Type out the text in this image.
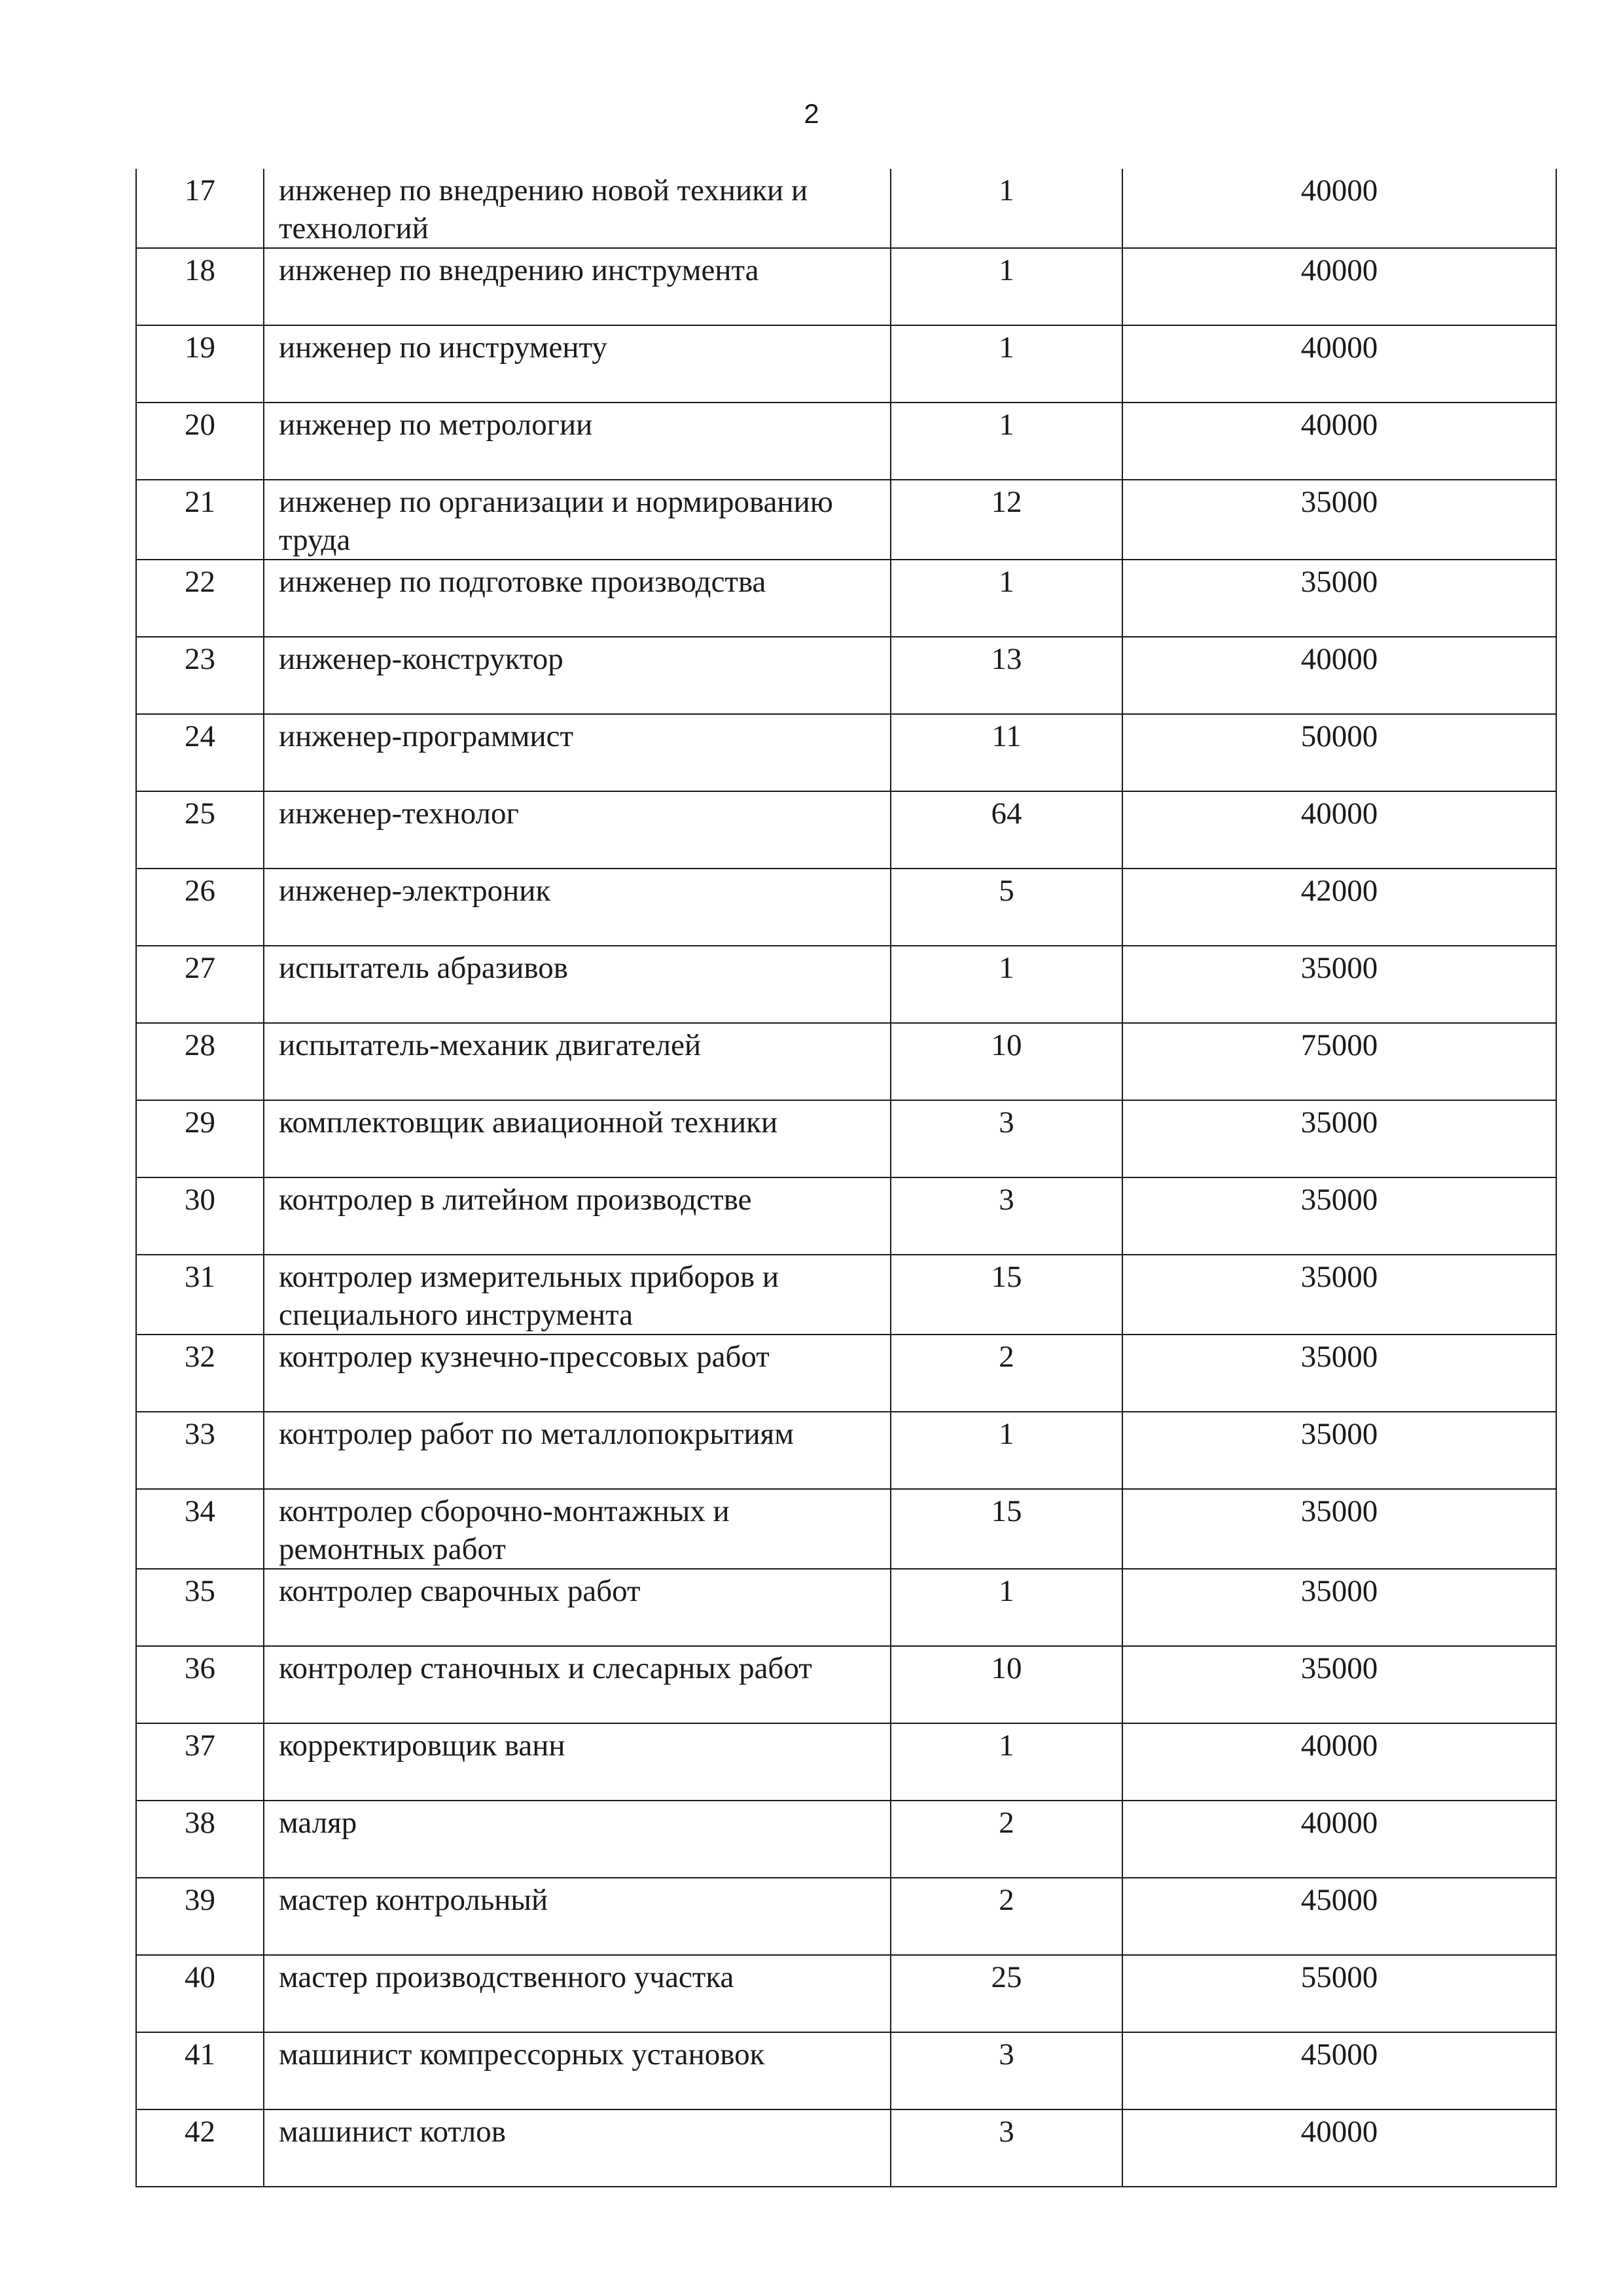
2
17	инженер по внедрению новой техники и технологий	1	40000
18	инженер по внедрению инструмента	1	40000
19	инженер по инструменту	1	40000
20	инженер по метрологии	1	40000
21	инженер по организации и нормированию труда	12	35000
22	инженер по подготовке производства	1	35000
23	инженер-конструктор	13	40000
24	инженер-программист	11	50000
25	инженер-технолог	64	40000
26	инженер-электроник	5	42000
27	испытатель абразивов	1	35000
28	испытатель-механик двигателей	10	75000
29	комплектовщик авиационной техники	3	35000
30	контролер в литейном производстве	3	35000
31	контролер измерительных приборов и специального инструмента	15	35000
32	контролер кузнечно-прессовых работ	2	35000
33	контролер работ по металлопокрытиям	1	35000
34	контролер сборочно-монтажных и ремонтных работ	15	35000
35	контролер сварочных работ	1	35000
36	контролер станочных и слесарных работ	10	35000
37	корректировщик ванн	1	40000
38	маляр	2	40000
39	мастер контрольный	2	45000
40	мастер производственного участка	25	55000
41	машинист компрессорных установок	3	45000
42	машинист котлов	3	40000
